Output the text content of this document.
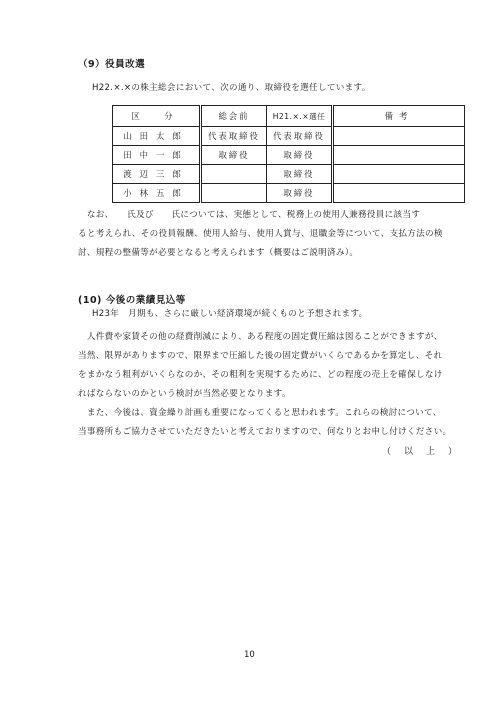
（9）役員改選
H22.×.×の株主総会において、次の通り、取締役を選任しています。
区　分	総会前	H21.×.×選任	備考
山田太郎	代表取締役	代表取締役	
田中一郎	取締役	取締役	
渡辺三郎		取締役	
小林五郎		取締役	
　なお、　　氏及び　　氏については、実態として、税務上の使用人兼務役員に該当す
ると考えられ、その役員報酬、使用人給与、使用人賞与、退職金等について、支払方法の検
討、規程の整備等が必要となると考えられます（概要はご説明済み）。
(10) 今後の業績見込等
H23年　月期も、さらに厳しい経済環境が続くものと予想されます。
　人件費や家賃その他の経費削減により、ある程度の固定費圧縮は図ることができますが、
当然、限界がありますので、限界まで圧縮した後の固定費がいくらであるかを算定し、それ
をまかなう粗利がいくらなのか、その粗利を実現するために、どの程度の売上を確保しなけ
ればならないのかという検討が当然必要となります。
　また、今後は、資金繰り計画も重要になってくると思われます。これらの検討について、
当事務所もご協力させていただきたいと考えておりますので、何なりとお申し付けください。
（　以　上　）
10
